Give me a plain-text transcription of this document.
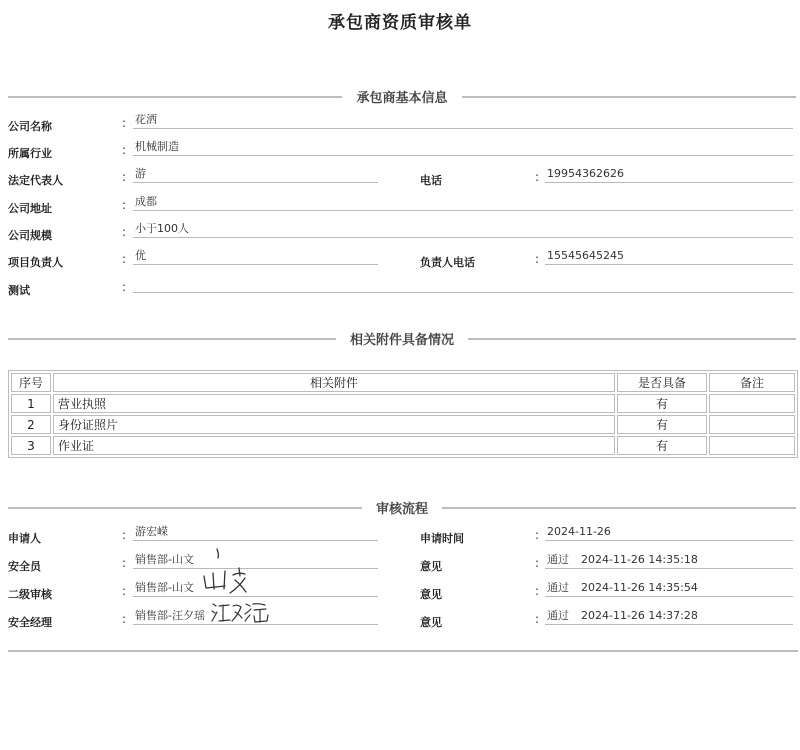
承包商资质审核单
承包商基本信息
公司名称	: 花洒
所属行业	: 机械制造
法定代表人	: 游
电话	: 19954362626
公司地址	: 成都
公司规模	: 小于100人
项目负责人	: 优
负责人电话	: 15545645245
测试	:
相关附件具备情况
序号	相关附件	是否具备	备注
1	营业执照	有	
2	身份证照片	有	
3	作业证	有	
审核流程
申请人	: 游宏嵘
申请时间	: 2024-11-26
安全员	: 销售部-山文
意见	: 通过 2024-11-26 14:35:18
二级审核	: 销售部-山文
意见	: 通过 2024-11-26 14:35:54
安全经理	: 销售部-汪夕瑶
意见	: 通过 2024-11-26 14:37:28
